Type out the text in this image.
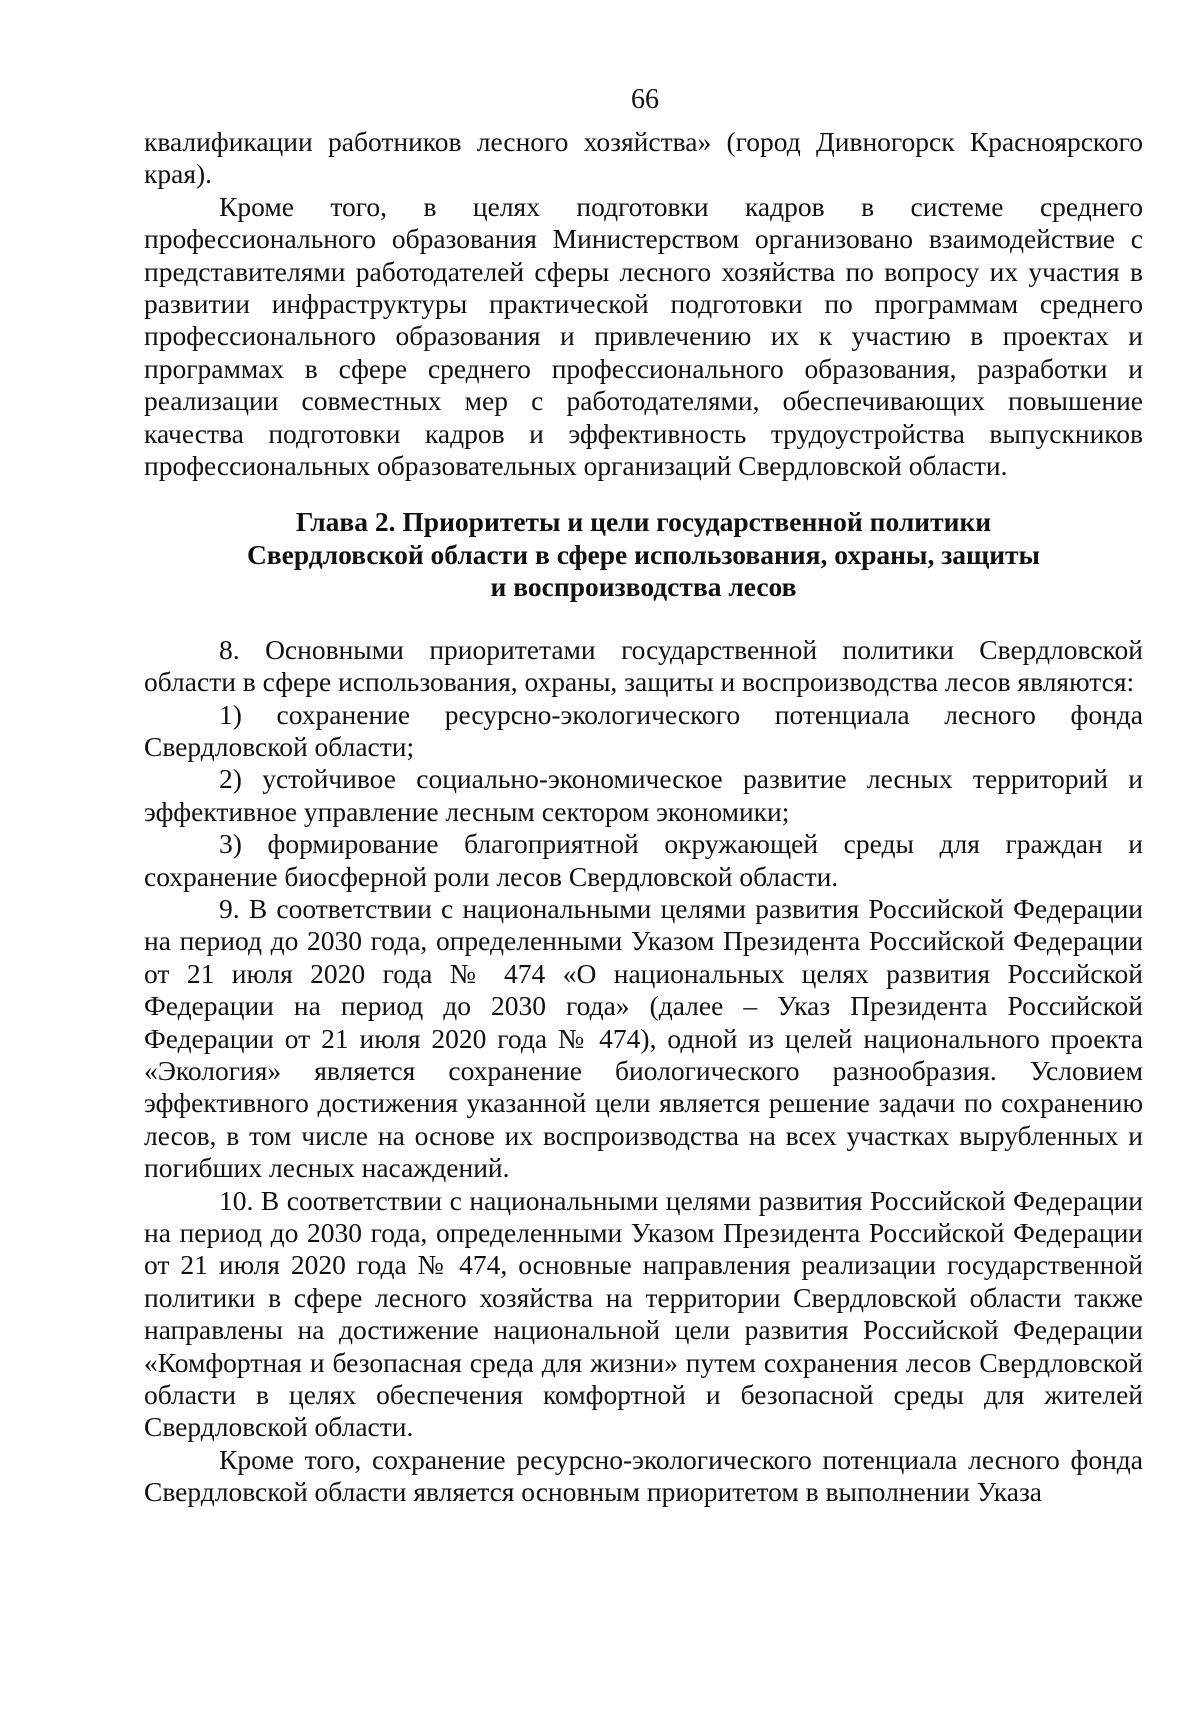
66

квалификации работников лесного хозяйства» (город Дивногорск Красноярского края).

Кроме того, в целях подготовки кадров в системе среднего профессионального образования Министерством организовано взаимодействие с представителями работодателей сферы лесного хозяйства по вопросу их участия в развитии инфраструктуры практической подготовки по программам среднего профессионального образования и привлечению их к участию в проектах и программах в сфере среднего профессионального образования, разработки и реализации совместных мер с работодателями, обеспечивающих повышение качества подготовки кадров и эффективность трудоустройства выпускников профессиональных образовательных организаций Свердловской области.

Глава 2. Приоритеты и цели государственной политики
Свердловской области в сфере использования, охраны, защиты
и воспроизводства лесов

8. Основными приоритетами государственной политики Свердловской области в сфере использования, охраны, защиты и воспроизводства лесов являются:

1) сохранение ресурсно-экологического потенциала лесного фонда Свердловской области;

2) устойчивое социально-экономическое развитие лесных территорий и эффективное управление лесным сектором экономики;

3) формирование благоприятной окружающей среды для граждан и сохранение биосферной роли лесов Свердловской области.

9. В соответствии с национальными целями развития Российской Федерации на период до 2030 года, определенными Указом Президента Российской Федерации от 21 июля 2020 года № 474 «О национальных целях развития Российской Федерации на период до 2030 года» (далее – Указ Президента Российской Федерации от 21 июля 2020 года № 474), одной из целей национального проекта «Экология» является сохранение биологического разнообразия. Условием эффективного достижения указанной цели является решение задачи по сохранению лесов, в том числе на основе их воспроизводства на всех участках вырубленных и погибших лесных насаждений.

10. В соответствии с национальными целями развития Российской Федерации на период до 2030 года, определенными Указом Президента Российской Федерации от 21 июля 2020 года № 474, основные направления реализации государственной политики в сфере лесного хозяйства на территории Свердловской области также направлены на достижение национальной цели развития Российской Федерации «Комфортная и безопасная среда для жизни» путем сохранения лесов Свердловской области в целях обеспечения комфортной и безопасной среды для жителей Свердловской области.

Кроме того, сохранение ресурсно-экологического потенциала лесного фонда Свердловской области является основным приоритетом в выполнении Указа
